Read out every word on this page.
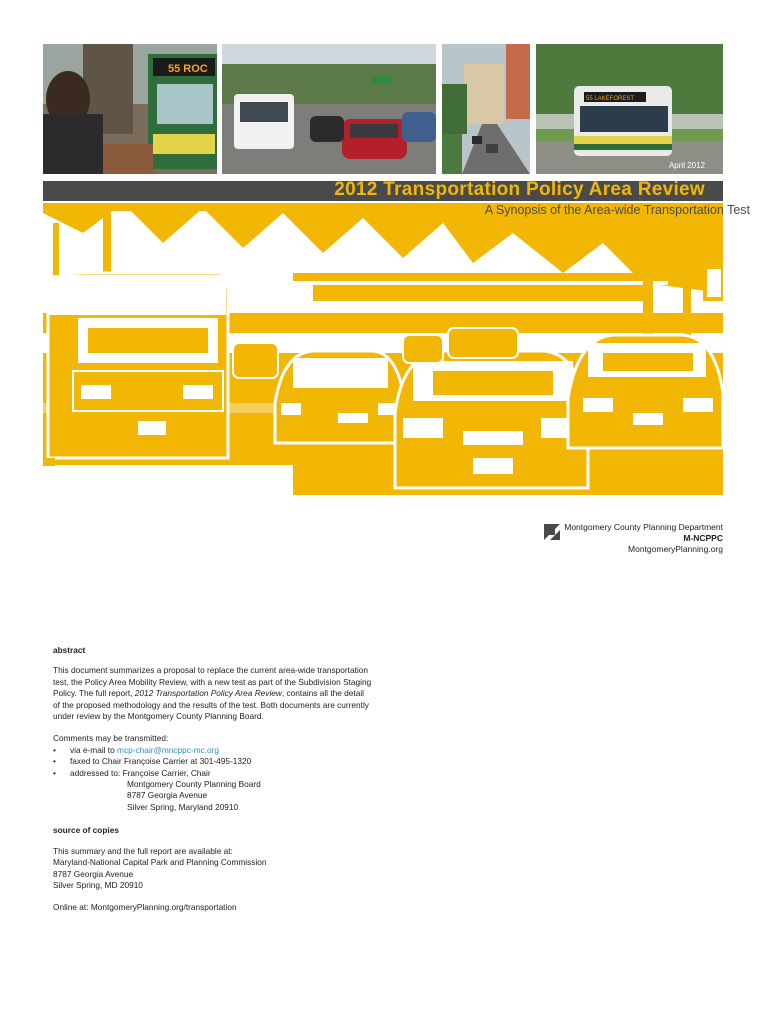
55 ROC
55 LAKEFOREST
April 2012
2012 Transportation Policy Area Review
A Synopsis of the Area-wide Transportation Test
Montgomery County Planning Department
M-NCPPC
MontgomeryPlanning.org
abstract
This document summarizes a proposal to replace the current area-wide transportation
test, the Policy Area Mobility Review, with a new test as part of the Subdivision Staging
Policy. The full report, 2012 Transportation Policy Area Review, contains all the detail
of the proposed methodology and the results of the test. Both documents are currently
under review by the Montgomery County Planning Board.
Comments may be transmitted:
• via e-mail to mcp-chair@mncppc-mc.org
• faxed to Chair Françoise Carrier at 301-495-1320
• addressed to: Françoise Carrier, Chair
Montgomery County Planning Board
8787 Georgia Avenue
Silver Spring, Maryland 20910
source of copies
This summary and the full report are available at:
Maryland-National Capital Park and Planning Commission
8787 Georgia Avenue
Silver Spring, MD 20910
Online at: MontgomeryPlanning.org/transportation
